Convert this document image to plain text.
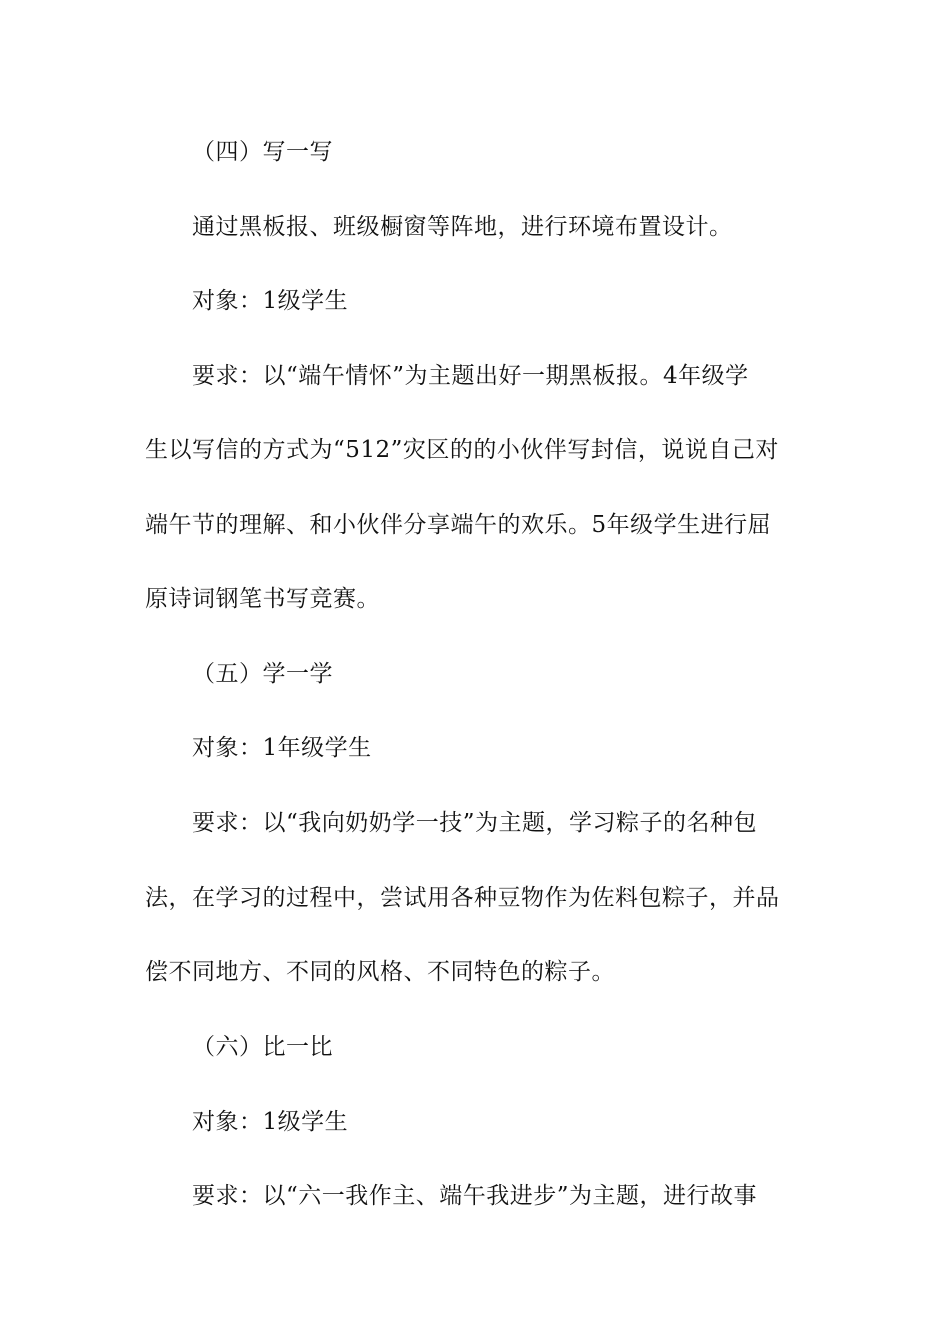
（四）写一写
通过黑板报、班级橱窗等阵地，进行环境布置设计。
对象：1级学生
要求：以“端午情怀”为主题出好一期黑板报。4年级学
生以写信的方式为“512”灾区的的小伙伴写封信，说说自己对
端午节的理解、和小伙伴分享端午的欢乐。5年级学生进行屈
原诗词钢笔书写竞赛。
（五）学一学
对象：1年级学生
要求：以“我向奶奶学一技”为主题，学习粽子的名种包
法，在学习的过程中，尝试用各种豆物作为佐料包粽子，并品
偿不同地方、不同的风格、不同特色的粽子。
（六）比一比
对象：1级学生
要求：以“六一我作主、端午我进步”为主题，进行故事
